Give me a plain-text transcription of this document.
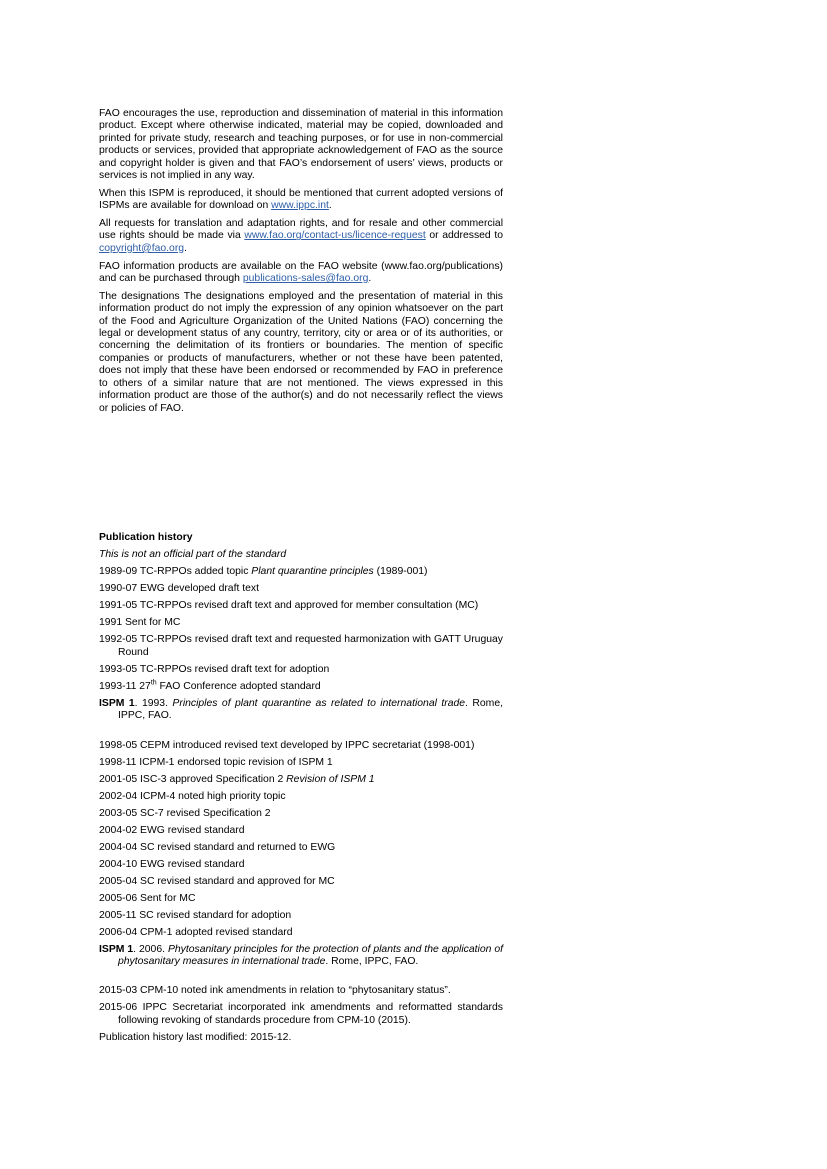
FAO encourages the use, reproduction and dissemination of material in this information product. Except where otherwise indicated, material may be copied, downloaded and printed for private study, research and teaching purposes, or for use in non-commercial products or services, provided that appropriate acknowledgement of FAO as the source and copyright holder is given and that FAO’s endorsement of users’ views, products or services is not implied in any way.

When this ISPM is reproduced, it should be mentioned that current adopted versions of ISPMs are available for download on www.ippc.int.

All requests for translation and adaptation rights, and for resale and other commercial use rights should be made via www.fao.org/contact-us/licence-request or addressed to copyright@fao.org.

FAO information products are available on the FAO website (www.fao.org/publications) and can be purchased through publications-sales@fao.org.

The designations The designations employed and the presentation of material in this information product do not imply the expression of any opinion whatsoever on the part of the Food and Agriculture Organization of the United Nations (FAO) concerning the legal or development status of any country, territory, city or area or of its authorities, or concerning the delimitation of its frontiers or boundaries. The mention of specific companies or products of manufacturers, whether or not these have been patented, does not imply that these have been endorsed or recommended by FAO in preference to others of a similar nature that are not mentioned. The views expressed in this information product are those of the author(s) and do not necessarily reflect the views or policies of FAO.

Publication history

This is not an official part of the standard

1989-09 TC-RPPOs added topic Plant quarantine principles (1989-001)

1990-07 EWG developed draft text

1991-05 TC-RPPOs revised draft text and approved for member consultation (MC)

1991 Sent for MC

1992-05 TC-RPPOs revised draft text and requested harmonization with GATT Uruguay Round

1993-05 TC-RPPOs revised draft text for adoption

1993-11 27th FAO Conference adopted standard

ISPM 1. 1993. Principles of plant quarantine as related to international trade. Rome, IPPC, FAO.

1998-05 CEPM introduced revised text developed by IPPC secretariat (1998-001)

1998-11 ICPM-1 endorsed topic revision of ISPM 1

2001-05 ISC-3 approved Specification 2 Revision of ISPM 1

2002-04 ICPM-4 noted high priority topic

2003-05 SC-7 revised Specification 2

2004-02 EWG revised standard

2004-04 SC revised standard and returned to EWG

2004-10 EWG revised standard

2005-04 SC revised standard and approved for MC

2005-06 Sent for MC

2005-11 SC revised standard for adoption

2006-04 CPM-1 adopted revised standard

ISPM 1. 2006. Phytosanitary principles for the protection of plants and the application of phytosanitary measures in international trade. Rome, IPPC, FAO.

2015-03 CPM-10 noted ink amendments in relation to “phytosanitary status”.

2015-06 IPPC Secretariat incorporated ink amendments and reformatted standards following revoking of standards procedure from CPM-10 (2015).

Publication history last modified: 2015-12.
